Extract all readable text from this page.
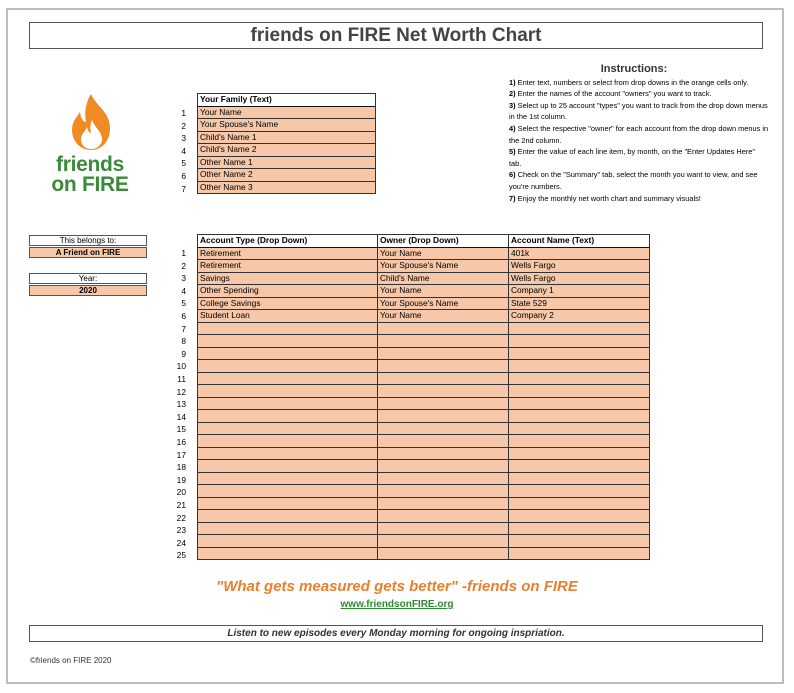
friends on FIRE Net Worth Chart
friends
on FIRE
Instructions:

1) Enter text, numbers or select from drop downs in the orange cells only.

2) Enter the names of the account "owners" you want to track.

3) Select up to 25 account "types" you want to track from the drop down menus in the 1st column.

4) Select the respective "owner" for each account from the drop down menus in the 2nd column.

5) Enter the value of each line item, by month, on the "Enter Updates Here" tab.

6) Check on the "Summary" tab, select the month you want to view, and see you're numbers.

7) Enjoy the monthly net worth chart and summary visuals!

1
2
3
4
5
6
7
Your Family (Text)
Your Name
Your Spouse's Name
Child's Name 1
Child's Name 2
Other Name 1
Other Name 2
Other Name 3
This belongs to:
A Friend on FIRE
Year:
2020
1
2
3
4
5
6
7
8
9
10
11
12
13
14
15
16
17
18
19
20
21
22
23
24
25
Account Type (Drop Down)	Owner (Drop Down)	Account Name (Text)
Retirement	Your Name	401k
Retirement	Your Spouse's Name	Wells Fargo
Savings	Child's Name	Wells Fargo
Other Spending	Your Name	Company 1
College Savings	Your Spouse's Name	State 529
Student Loan	Your Name	Company 2

"What gets measured gets better" -friends on FIRE
www.friendsonFIRE.org
Listen to new episodes every Monday morning for ongoing inspriation.
©friends on FIRE 2020
